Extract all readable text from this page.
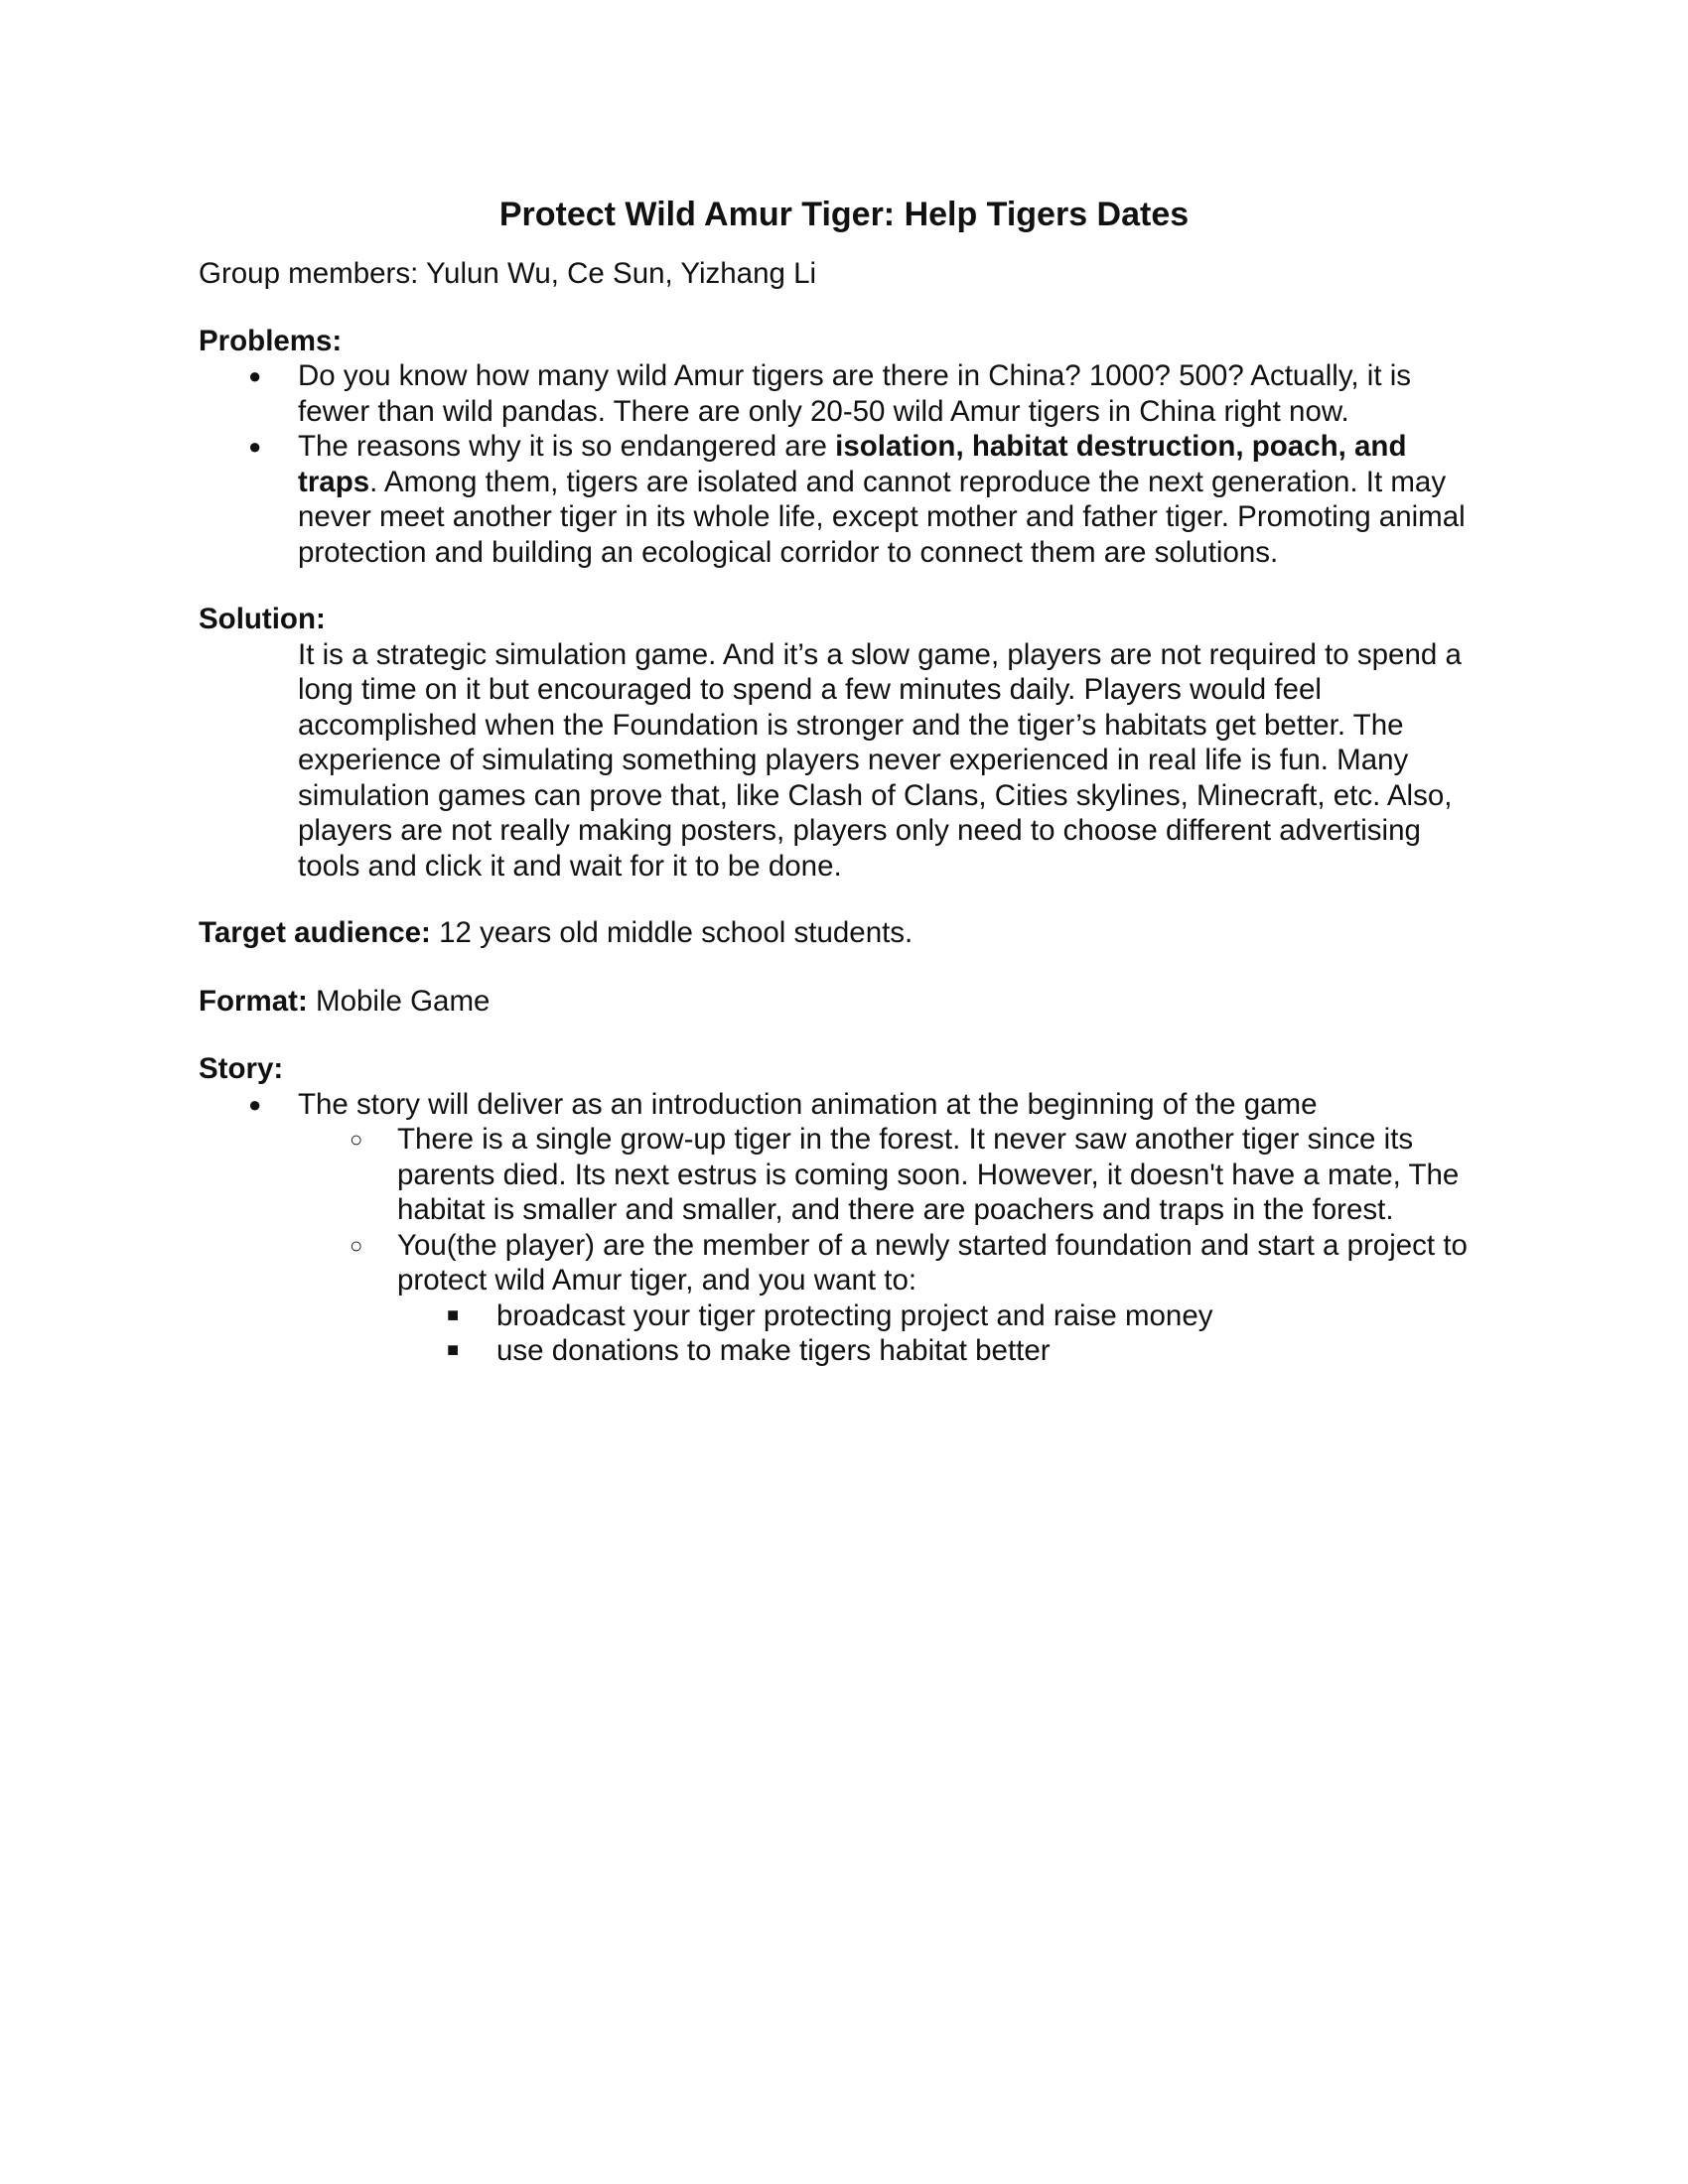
Protect Wild Amur Tiger: Help Tigers Dates
Group members: Yulun Wu, Ce Sun, Yizhang Li
Problems:
● Do you know how many wild Amur tigers are there in China? 1000? 500? Actually, it is fewer than wild pandas. There are only 20-50 wild Amur tigers in China right now.
● The reasons why it is so endangered are isolation, habitat destruction, poach, and traps. Among them, tigers are isolated and cannot reproduce the next generation. It may never meet another tiger in its whole life, except mother and father tiger. Promoting animal protection and building an ecological corridor to connect them are solutions.
Solution:
It is a strategic simulation game. And it’s a slow game, players are not required to spend a long time on it but encouraged to spend a few minutes daily. Players would feel accomplished when the Foundation is stronger and the tiger’s habitats get better. The experience of simulating something players never experienced in real life is fun. Many simulation games can prove that, like Clash of Clans, Cities skylines, Minecraft, etc. Also, players are not really making posters, players only need to choose different advertising tools and click it and wait for it to be done.
Target audience: 12 years old middle school students.
Format: Mobile Game
Story:
● The story will deliver as an introduction animation at the beginning of the game
○ There is a single grow-up tiger in the forest. It never saw another tiger since its parents died. Its next estrus is coming soon. However, it doesn't have a mate, The habitat is smaller and smaller, and there are poachers and traps in the forest.
○ You(the player) are the member of a newly started foundation and start a project to protect wild Amur tiger, and you want to:
■ broadcast your tiger protecting project and raise money
■ use donations to make tigers habitat better
